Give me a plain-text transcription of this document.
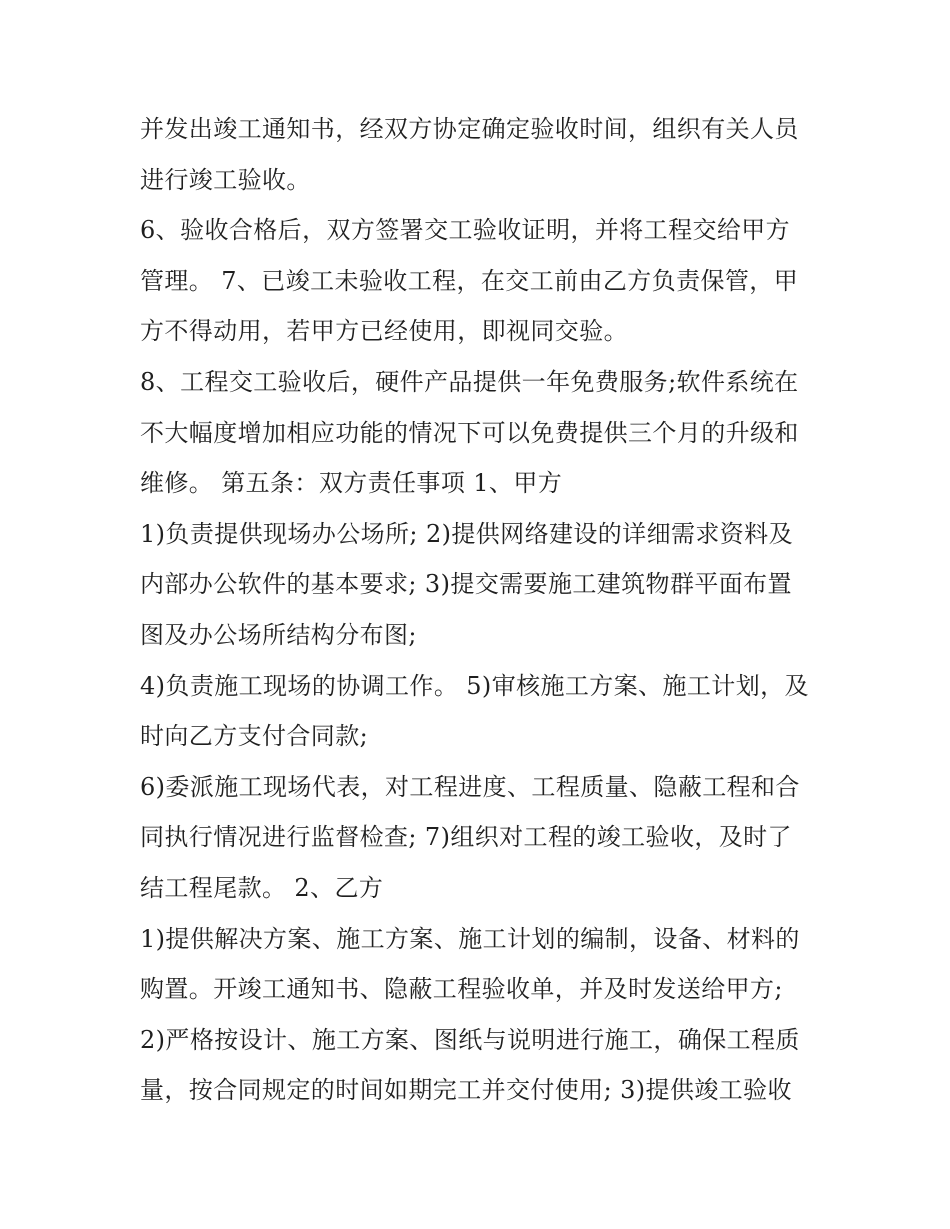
并发出竣工通知书，经双方协定确定验收时间，组织有关人员
进行竣工验收。
6、验收合格后，双方签署交工验收证明，并将工程交给甲方
管理。 7、已竣工未验收工程，在交工前由乙方负责保管，甲
方不得动用，若甲方已经使用，即视同交验。
8、工程交工验收后，硬件产品提供一年免费服务;软件系统在
不大幅度增加相应功能的情况下可以免费提供三个月的升级和
维修。 第五条：双方责任事项 1、甲方
1)负责提供现场办公场所; 2)提供网络建设的详细需求资料及
内部办公软件的基本要求; 3)提交需要施工建筑物群平面布置
图及办公场所结构分布图;
4)负责施工现场的协调工作。 5)审核施工方案、施工计划，及
时向乙方支付合同款;
6)委派施工现场代表，对工程进度、工程质量、隐蔽工程和合
同执行情况进行监督检查; 7)组织对工程的竣工验收，及时了
结工程尾款。 2、乙方
1)提供解决方案、施工方案、施工计划的编制，设备、材料的
购置。开竣工通知书、隐蔽工程验收单，并及时发送给甲方;
2)严格按设计、施工方案、图纸与说明进行施工，确保工程质
量，按合同规定的时间如期完工并交付使用; 3)提供竣工验收
